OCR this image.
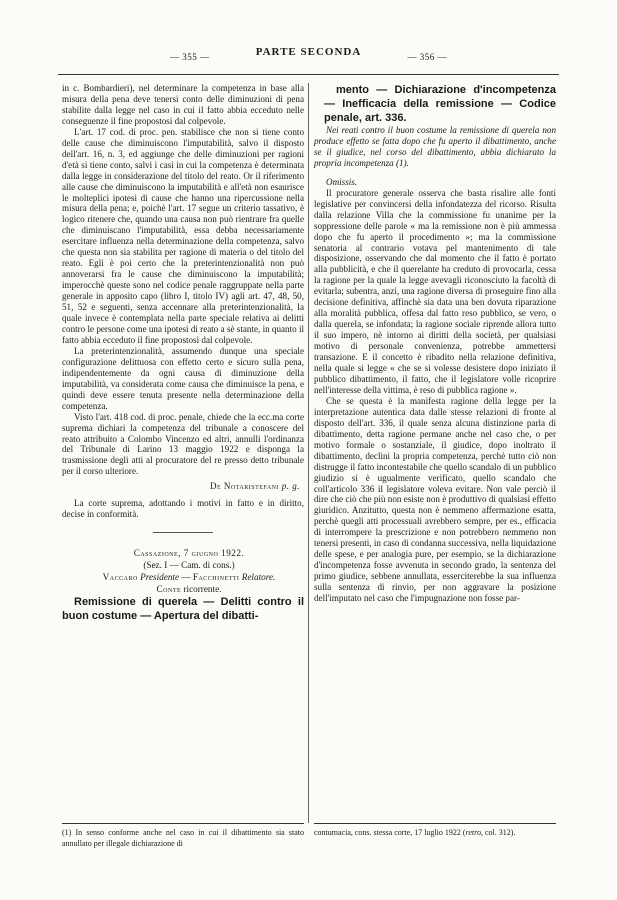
— 355 —	PARTE SECONDA	— 356 —

in c. Bombardieri), nel determinare la competenza in base alla misura della pena deve tenersi conto delle diminuzioni di pena stabilite dalla legge nel caso in cui il fatto abbia ecceduto nelle conseguenze il fine propostosi dal colpevole.

L'art. 17 cod. di proc. pen. stabilisce che non si tiene conto delle cause che diminuiscono l'imputabilità, salvo il disposto dell'art. 16, n. 3, ed aggiunge che delle diminuzioni per ragioni d'età si tiene conto, salvi i casi in cui la competenza è determinata dalla legge in considerazione del titolo del reato. Or il riferimento alle cause che diminuiscono la imputabilità e all'età non esaurisce le molteplici ipotesi di cause che hanno una ripercussione nella misura della pena; e, poichè l'art. 17 segue un criterio tassativo, è logico ritenere che, quando una causa non può rientrare fra quelle che diminuiscano l'imputabilità, essa debba necessariamente esercitare influenza nella determinazione della competenza, salvo che questa non sia stabilita per ragione di materia o del titolo del reato. Egli è poi certo che la preterintenzionalità non può annoverarsi fra le cause che diminuiscono la imputabilità; imperocchè queste sono nel codice penale raggruppate nella parte generale in apposito capo (libro I, titolo IV) agli art. 47, 48, 50, 51, 52 e seguenti, senza accennare alla preterintenzionalità, la quale invece è contemplata nella parte speciale relativa ai delitti contro le persone come una ipotesi di reato a sè stante, in quanto il fatto abbia ecceduto il fine propostosi dal colpevole.

La preterintenzionalità, assumendo dunque una speciale configurazione delittuosa con effetto certo e sicuro sulla pena, indipendentemente da ogni causa di diminuzione della imputabilità, va considerata come causa che diminuisce la pena, e quindi deve essere tenuta presente nella determinazione della competenza.

Visto l'art. 418 cod. di proc. penale, chiede che la ecc.ma corte suprema dichiari la competenza del tribunale a conoscere del reato attribuito a Colombo Vincenzo ed altri, annulli l'ordinanza del Tribunale di Larino 13 maggio 1922 e disponga la trasmissione degli atti al procuratore del re presso detto tribunale per il corso ulteriore.

De Notaristefani p. g.

La corte suprema, adottando i motivi in fatto e in diritto, decise in conformità.

Cassazione, 7 giugno 1922.

(Sez. I — Cam. di cons.)

Vaccaro Presidente — Facchinetti Relatore.

Conte ricorrente.

Remissione di querela — Delitti contro il buon costume — Apertura del dibatti-

mento — Dichiarazione d'incompetenza — Inefficacia della remissione — Codice penale, art. 336.

Nei reati contro il buon costume la remissione di querela non produce effetto se fatta dopo che fu aperto il dibattimento, anche se il giudice, nel corso del dibattimento, abbia dichiarato la propria incompetenza (1).

Omissis.

Il procuratore generale osserva che basta risalire alle fonti legislative per convincersi della infondatezza del ricorso. Risulta dalla relazione Villa che la commissione fu unanime per la soppressione delle parole « ma la remissione non è più ammessa dopo che fu aperto il procedimento »; ma la commissione senatoria al contrario votava pel mantenimento di tale disposizione, osservando che dal momento che il fatto è portato alla pubblicità, e che il querelante ha creduto di provocarla, cessa la ragione per la quale la legge avevagli riconosciuto la facoltà di evitarla; subentra, anzi, una ragione diversa di proseguire fino alla decisione definitiva, affinchè sia data una ben dovuta riparazione alla moralità pubblica, offesa dal fatto reso pubblico, se vero, o dalla querela, se infondata; la ragione sociale riprende allora tutto il suo impero, nè intorno ai diritti della società, per qualsiasi motivo di personale convenienza, potrebbe ammettersi transazione. E il concetto è ribadito nella relazione definitiva, nella quale si legge « che se si volesse desistere dopo iniziato il pubblico dibattimento, il fatto, che il legislatore volle ricoprire nell'interesse della vittima, è reso di pubblica ragione ».

Che se questa è la manifesta ragione della legge per la interpretazione autentica data dalle stesse relazioni di fronte al disposto dell'art. 336, il quale senza alcuna distinzione parla di dibattimento, detta ragione permane anche nel caso che, o per motivo formale o sostanziale, il giudice, dopo inoltrato il dibattimento, declini la propria competenza, perchè tutto ciò non distrugge il fatto incontestabile che quello scandalo di un pubblico giudizio si è ugualmente verificato, quello scandalo che coll'articolo 336 il legislatore voleva evitare. Non vale perciò il dire che ciò che più non esiste non è produttivo di qualsiasi effetto giuridico. Anzitutto, questa non è nemmeno affermazione esatta, perchè quegli atti processuali avrebbero sempre, per es., efficacia di interrompere la prescrizione e non potrebbero nemmeno non tenersi presenti, in caso di condanna successiva, nella liquidazione delle spese, e per analogia pure, per esempio, se la dichiarazione d'incompetenza fosse avvenuta in secondo grado, la sentenza del primo giudice, sebbene annullata, esserciterebbe la sua influenza sulla sentenza di rinvio, per non aggravare la posizione dell'imputato nel caso che l'impugnazione non fosse par-

(1) In senso conforme anche nel caso in cui il dibattimento sia stato annullato per illegale dichiarazione di
contumacia, cons. stessa corte, 17 luglio 1922 (retro, col. 312).
